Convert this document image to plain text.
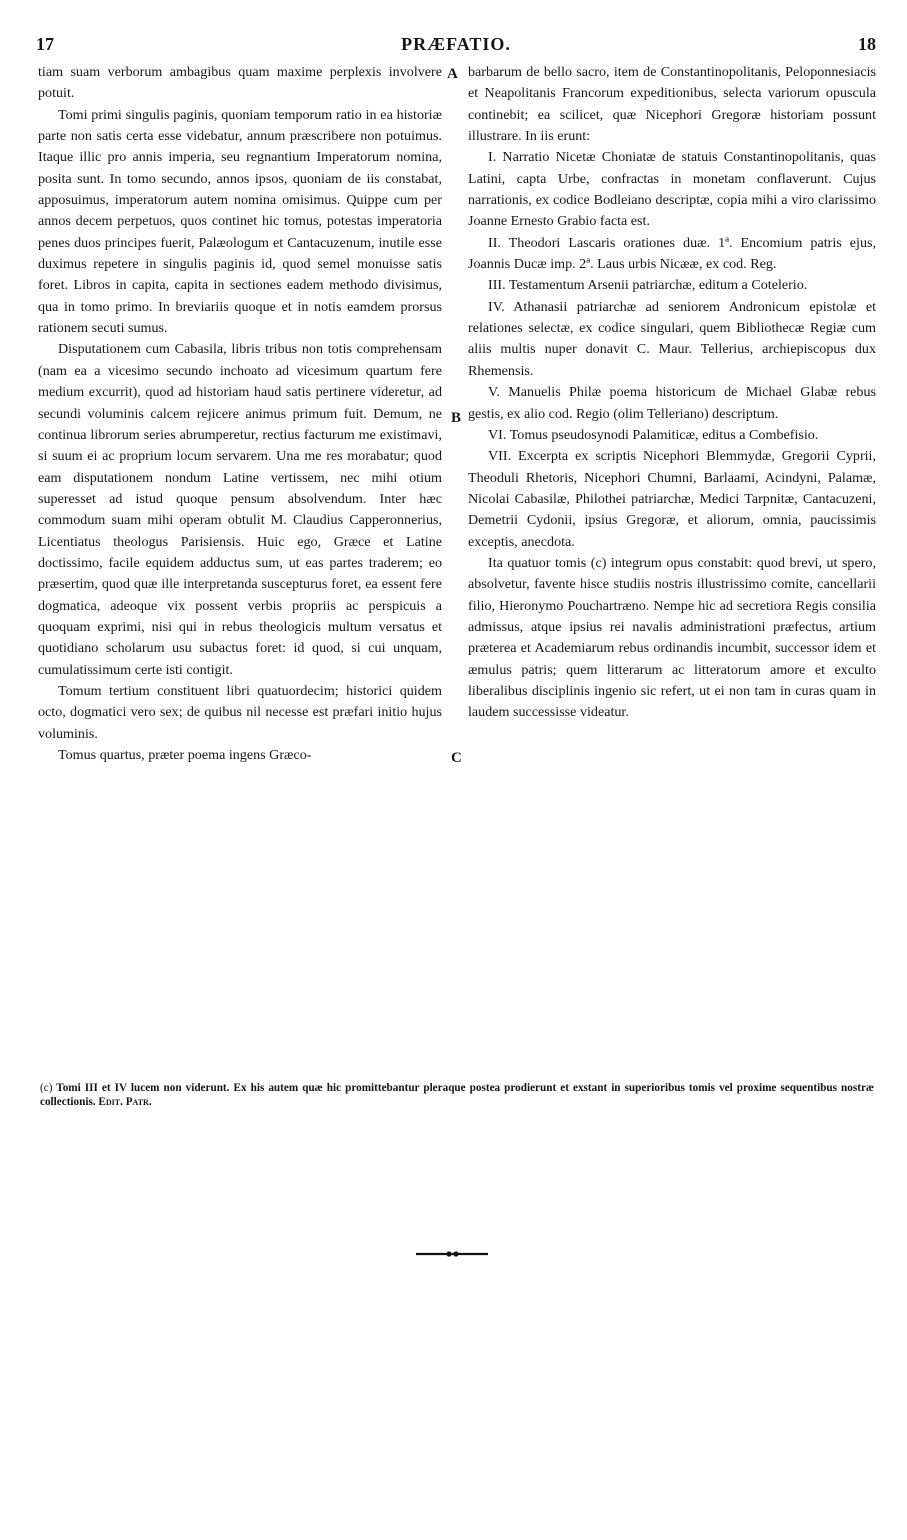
17	PRÆFATIO.	18
A
B
C

tiam suam verborum ambagibus quam maxime perplexis involvere potuit.

Tomi primi singulis paginis, quoniam temporum ratio in ea historiæ parte non satis certa esse videbatur, annum præscribere non potuimus. Itaque illic pro annis imperia, seu regnantium Imperatorum nomina, posita sunt. In tomo secundo, annos ipsos, quoniam de iis constabat, apposuimus, imperatorum autem nomina omisimus. Quippe cum per annos decem perpetuos, quos continet hic tomus, potestas imperatoria penes duos principes fuerit, Palæologum et Cantacuzenum, inutile esse duximus repetere in singulis paginis id, quod semel monuisse satis foret. Libros in capita, capita in sectiones eadem methodo divisimus, qua in tomo primo. In breviariis quoque et in notis eamdem prorsus rationem secuti sumus.

Disputationem cum Cabasila, libris tribus non totis comprehensam (nam ea a vicesimo secundo inchoato ad vicesimum quartum fere medium excurrit), quod ad historiam haud satis pertinere videretur, ad secundi voluminis calcem rejicere animus primum fuit. Demum, ne continua librorum series abrumperetur, rectius facturum me existimavi, si suum ei ac proprium locum servarem. Una me res morabatur; quod eam disputationem nondum Latine vertissem, nec mihi otium superesset ad istud quoque pensum absolvendum. Inter hæc commodum suam mihi operam obtulit M. Claudius Capperonnerius, Licentiatus theologus Parisiensis. Huic ego, Græce et Latine doctissimo, facile equidem adductus sum, ut eas partes traderem; eo præsertim, quod quæ ille interpretanda suscepturus foret, ea essent fere dogmatica, adeoque vix possent verbis propriis ac perspicuis a quoquam exprimi, nisi qui in rebus theologicis multum versatus et quotidiano scholarum usu subactus foret: id quod, si cui unquam, cumulatissimum certe isti contigit.

Tomum tertium constituent libri quatuordecim; historici quidem octo, dogmatici vero sex; de quibus nil necesse est præfari initio hujus voluminis.

Tomus quartus, præter poema ingens Græco-

barbarum de bello sacro, item de Constantinopolitanis, Peloponnesiacis et Neapolitanis Francorum expeditionibus, selecta variorum opuscula continebit; ea scilicet, quæ Nicephori Gregoræ historiam possunt illustrare. In iis erunt:

I. Narratio Nicetæ Choniatæ de statuis Constantinopolitanis, quas Latini, capta Urbe, confractas in monetam conflaverunt. Cujus narrationis, ex codice Bodleiano descriptæ, copia mihi a viro clarissimo Joanne Ernesto Grabio facta est.

II. Theodori Lascaris orationes duæ. 1ª. Encomium patris ejus, Joannis Ducæ imp. 2ª. Laus urbis Nicææ, ex cod. Reg.

III. Testamentum Arsenii patriarchæ, editum a Cotelerio.

IV. Athanasii patriarchæ ad seniorem Andronicum epistolæ et relationes selectæ, ex codice singulari, quem Bibliothecæ Regiæ cum aliis multis nuper donavit C. Maur. Tellerius, archiepiscopus dux Rhemensis.

V. Manuelis Philæ poema historicum de Michael Glabæ rebus gestis, ex alio cod. Regio (olim Telleriano) descriptum.

VI. Tomus pseudosynodi Palamiticæ, editus a Combefisio.

VII. Excerpta ex scriptis Nicephori Blemmydæ, Gregorii Cyprii, Theoduli Rhetoris, Nicephori Chumni, Barlaami, Acindyni, Palamæ, Nicolai Cabasilæ, Philothei patriarchæ, Medici Tarpnitæ, Cantacuzeni, Demetrii Cydonii, ipsius Gregoræ, et aliorum, omnia, paucissimis exceptis, anecdota.

Ita quatuor tomis (c) integrum opus constabit: quod brevi, ut spero, absolvetur, favente hisce studiis nostris illustrissimo comite, cancellarii filio, Hieronymo Pouchartræno. Nempe hic ad secretiora Regis consilia admissus, atque ipsius rei navalis administrationi præfectus, artium præterea et Academiarum rebus ordinandis incumbit, successor idem et æmulus patris; quem litterarum ac litteratorum amore et exculto liberalibus disciplinis ingenio sic refert, ut ei non tam in curas quam in laudem successisse videatur.

(c) Tomi III et IV lucem non viderunt. Ex his autem quæ hic promittebantur pleraque postea prodierunt et exstant in superioribus tomis vel proxime sequentibus nostræ collectionis. Edit. Patr.
